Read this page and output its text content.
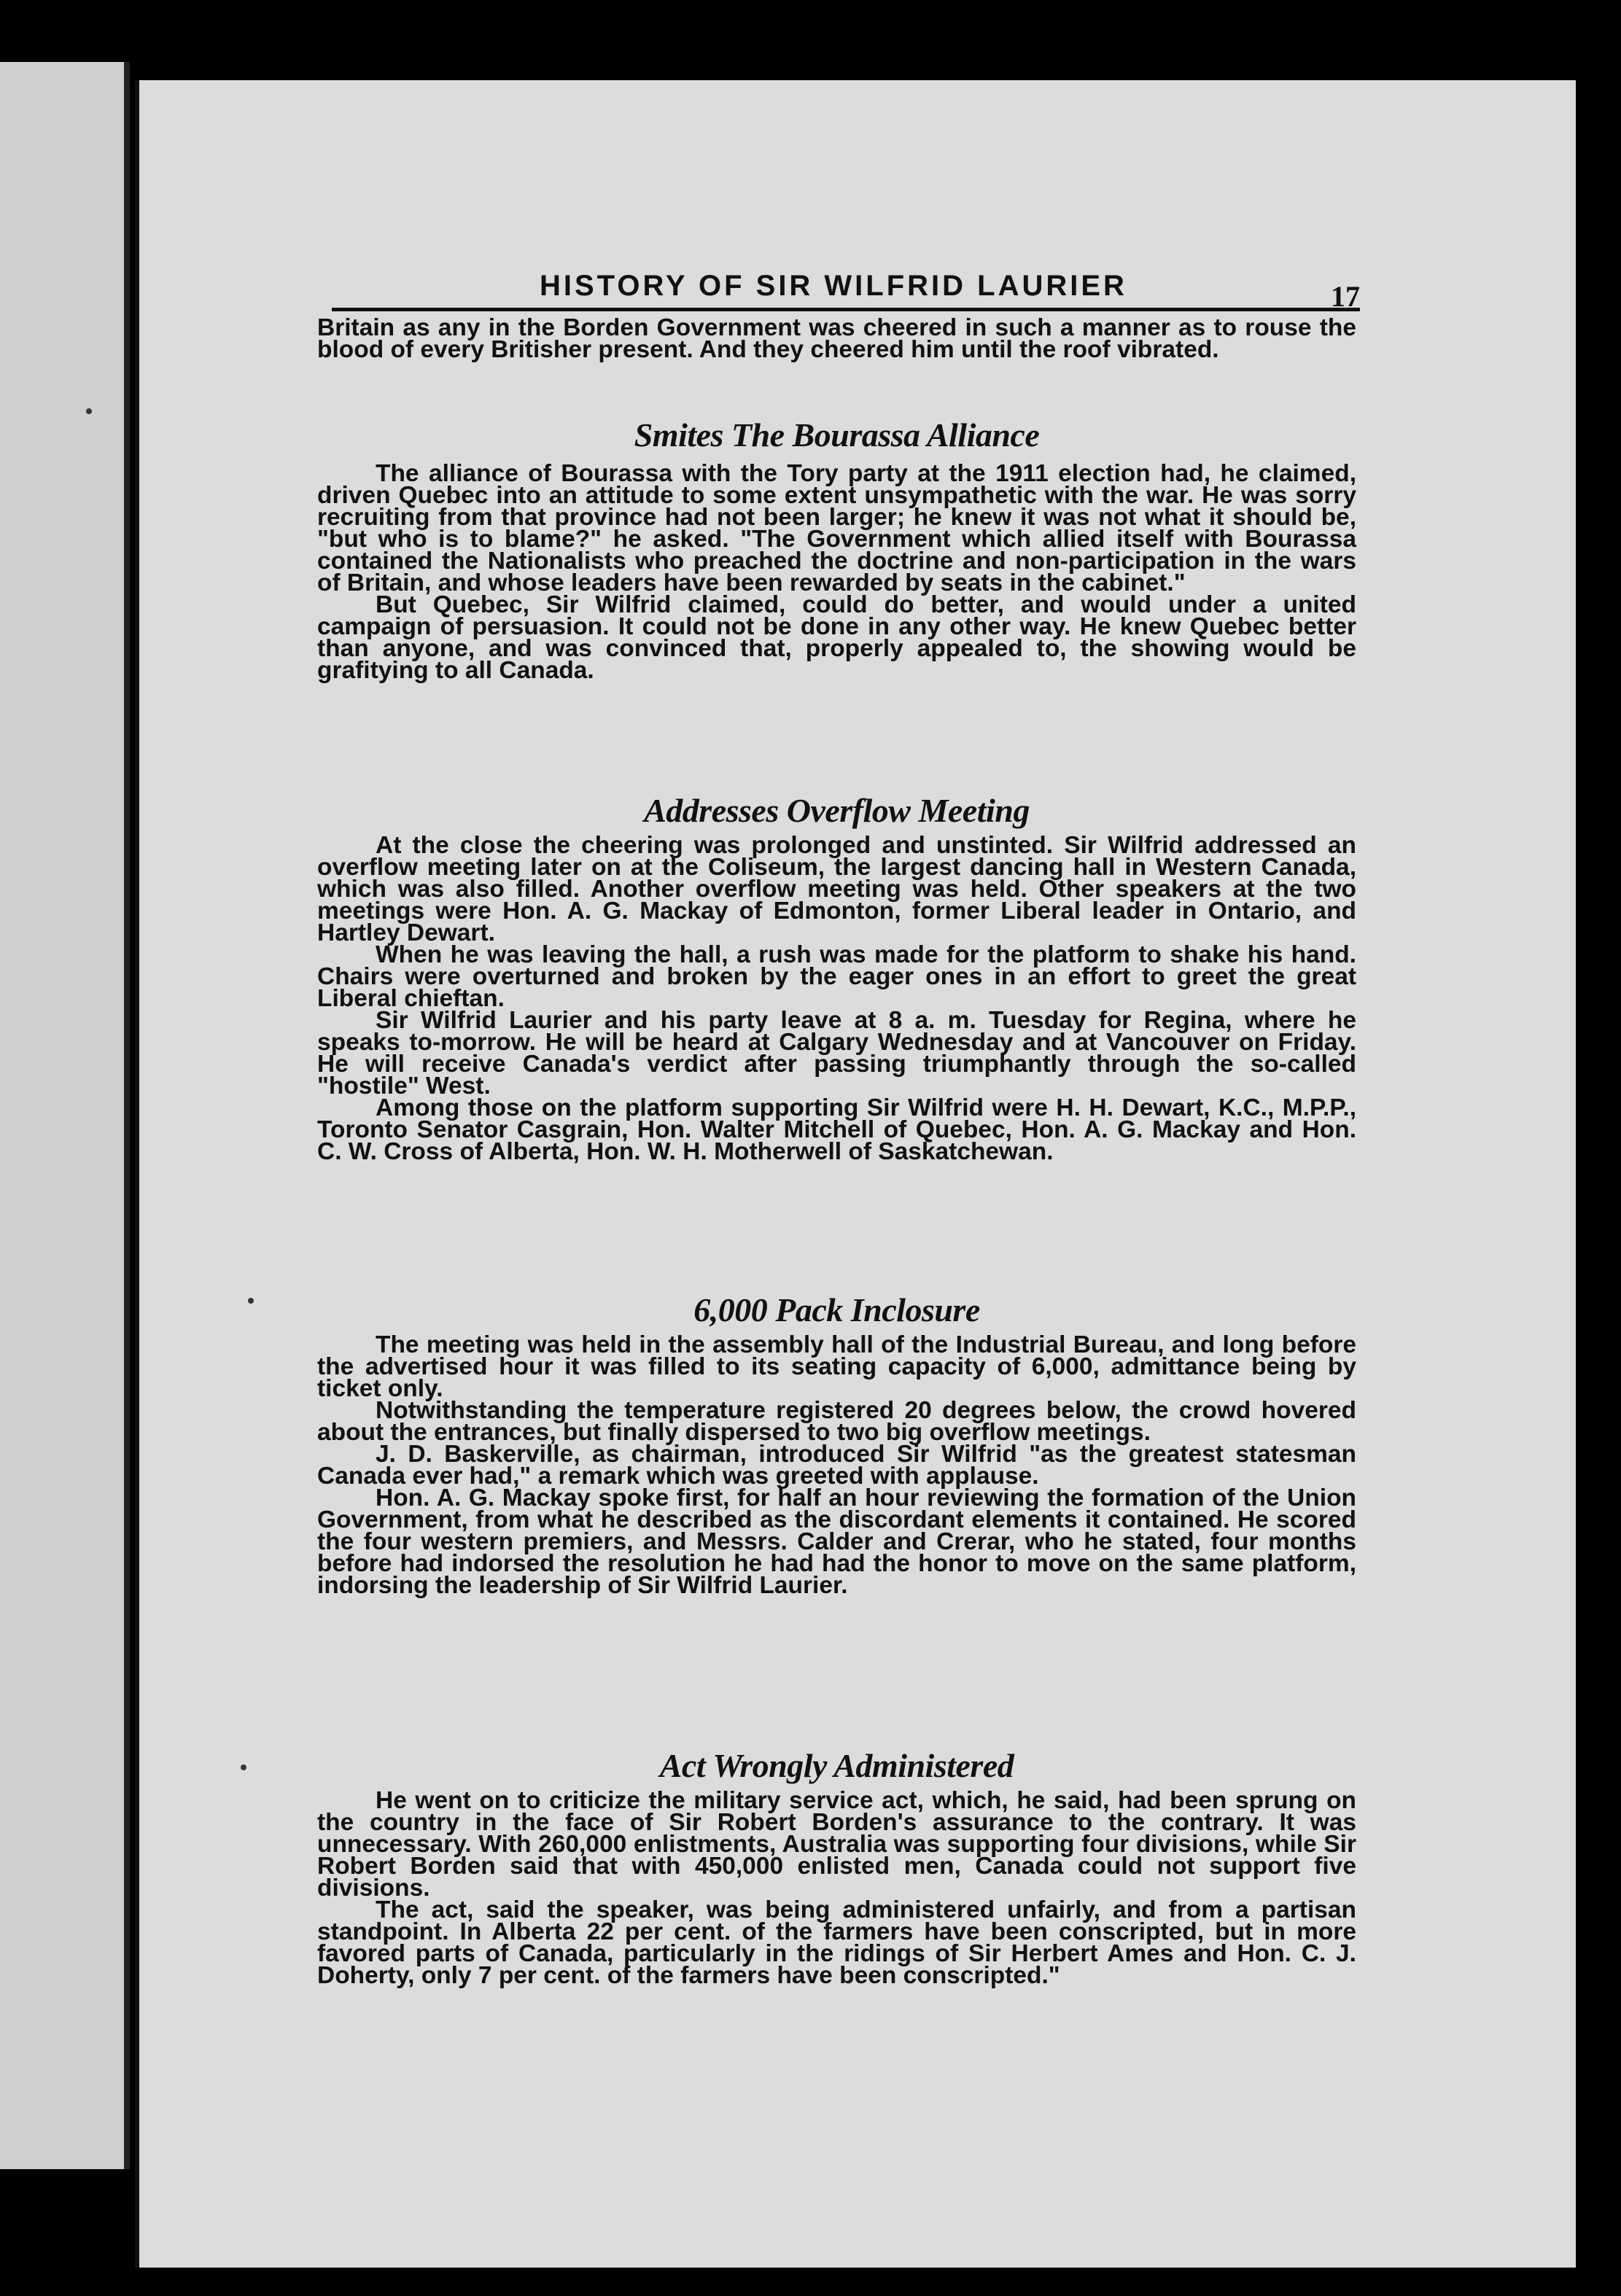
HISTORY OF SIR WILFRID LAURIER	17

Britain as any in the Borden Government was cheered in such a manner as to rouse the blood of every Britisher present. And they cheered him until the roof vibrated.

Smites The Bourassa Alliance

The alliance of Bourassa with the Tory party at the 1911 election had, he claimed, driven Quebec into an attitude to some extent unsympathetic with the war. He was sorry recruiting from that province had not been larger; he knew it was not what it should be, "but who is to blame?" he asked. "The Government which allied itself with Bourassa contained the Nationalists who preached the doctrine and non-participation in the wars of Britain, and whose leaders have been rewarded by seats in the cabinet."

But Quebec, Sir Wilfrid claimed, could do better, and would under a united campaign of persuasion. It could not be done in any other way. He knew Quebec better than anyone, and was convinced that, properly appealed to, the showing would be grafitying to all Canada.

Addresses Overflow Meeting

At the close the cheering was prolonged and unstinted. Sir Wilfrid addressed an overflow meeting later on at the Coliseum, the largest dancing hall in Western Canada, which was also filled. Another overflow meeting was held. Other speakers at the two meetings were Hon. A. G. Mackay of Edmonton, former Liberal leader in Ontario, and Hartley Dewart.

When he was leaving the hall, a rush was made for the platform to shake his hand. Chairs were overturned and broken by the eager ones in an effort to greet the great Liberal chieftan.

Sir Wilfrid Laurier and his party leave at 8 a. m. Tuesday for Regina, where he speaks to-morrow. He will be heard at Calgary Wednesday and at Vancouver on Friday. He will receive Canada's verdict after passing triumphantly through the so-called "hostile" West.

Among those on the platform supporting Sir Wilfrid were H. H. Dewart, K.C., M.P.P., Toronto Senator Casgrain, Hon. Walter Mitchell of Quebec, Hon. A. G. Mackay and Hon. C. W. Cross of Alberta, Hon. W. H. Motherwell of Saskatchewan.

6,000 Pack Inclosure

The meeting was held in the assembly hall of the Industrial Bureau, and long before the advertised hour it was filled to its seating capacity of 6,000, admittance being by ticket only.

Notwithstanding the temperature registered 20 degrees below, the crowd hovered about the entrances, but finally dispersed to two big overflow meetings.

J. D. Baskerville, as chairman, introduced Sir Wilfrid "as the greatest statesman Canada ever had," a remark which was greeted with applause.

Hon. A. G. Mackay spoke first, for half an hour reviewing the formation of the Union Government, from what he described as the discordant elements it contained. He scored the four western premiers, and Messrs. Calder and Crerar, who he stated, four months before had indorsed the resolution he had had the honor to move on the same platform, indorsing the leadership of Sir Wilfrid Laurier.

Act Wrongly Administered

He went on to criticize the military service act, which, he said, had been sprung on the country in the face of Sir Robert Borden's assurance to the contrary. It was unnecessary. With 260,000 enlistments, Australia was supporting four divisions, while Sir Robert Borden said that with 450,000 enlisted men, Canada could not support five divisions.

The act, said the speaker, was being administered unfairly, and from a partisan standpoint. In Alberta 22 per cent. of the farmers have been conscripted, but in more favored parts of Canada, particularly in the ridings of Sir Herbert Ames and Hon. C. J. Doherty, only 7 per cent. of the farmers have been conscripted."
